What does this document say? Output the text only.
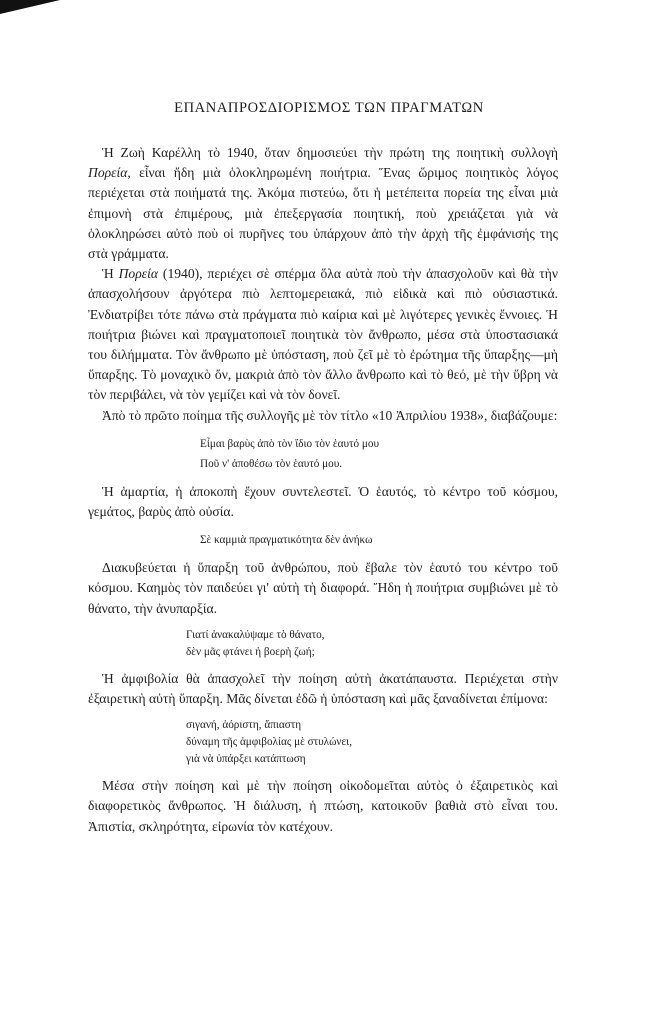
ΕΠΑΝΑΠΡΟΣΔΙΟΡΙΣΜΟΣ ΤΩΝ ΠΡΑΓΜΑΤΩΝ

Ἡ Ζωὴ Καρέλλη τὸ 1940, ὅταν δημοσιεύει τὴν πρώτη της ποιητικὴ συλλογὴ Πορεία, εἶναι ἤδη μιὰ ὁλοκληρωμένη ποιήτρια. Ἕνας ὥριμος ποιητικὸς λόγος περιέχεται στὰ ποιήματά της. Ἀκόμα πιστεύω, ὅτι ἡ μετέπειτα πορεία της εἶναι μιὰ ἐπιμονὴ στὰ ἐπιμέρους, μιὰ ἐπεξεργασία ποιητική, ποὺ χρειάζεται γιὰ νὰ ὁλοκληρώσει αὐτὸ ποὺ οἱ πυρῆνες του ὑπάρχουν ἀπὸ τὴν ἀρχὴ τῆς ἐμφάνισής της στὰ γράμματα.

Ἡ Πορεία (1940), περιέχει σὲ σπέρμα ὅλα αὐτὰ ποὺ τὴν ἀπασχολοῦν καὶ θὰ τὴν ἀπασχολήσουν ἀργότερα πιὸ λεπτομερειακά, πιὸ εἰδικὰ καὶ πιὸ οὐσιαστικά. Ἐνδιατρίβει τότε πάνω στὰ πράγματα πιὸ καίρια καὶ μὲ λιγότερες γενικὲς ἔννοιες. Ἡ ποιήτρια βιώνει καὶ πραγματοποιεῖ ποιητικὰ τὸν ἄνθρωπο, μέσα στὰ ὑποστασιακά του διλήμματα. Τὸν ἄνθρωπο μὲ ὑπόσταση, ποὺ ζεῖ μὲ τὸ ἐρώτημα τῆς ὕπαρξης—μὴ ὕπαρξης. Τὸ μοναχικὸ ὄν, μακριὰ ἀπὸ τὸν ἄλλο ἄνθρωπο καὶ τὸ θεό, μὲ τὴν ὕβρη νὰ τὸν περιβάλει, νὰ τὸν γεμίζει καὶ νὰ τὸν δονεῖ.

Ἀπὸ τὸ πρῶτο ποίημα τῆς συλλογῆς μὲ τὸν τίτλο «10 Ἀπριλίου 1938», διαβάζουμε:

Εἶμαι βαρὺς ἀπὸ τὸν ἴδιο τὸν ἑαυτό μου
Ποῦ ν' ἀποθέσω τὸν ἑαυτό μου.

Ἡ ἁμαρτία, ἡ ἀποκοπὴ ἔχουν συντελεστεῖ. Ὁ ἑαυτός, τὸ κέντρο τοῦ κόσμου, γεμάτος, βαρὺς ἀπὸ οὐσία.

Σὲ καμμιὰ πραγματικότητα δὲν ἀνήκω

Διακυβεύεται ἡ ὕπαρξη τοῦ ἀνθρώπου, ποὺ ἔβαλε τὸν ἑαυτό του κέντρο τοῦ κόσμου. Καημὸς τὸν παιδεύει γι' αὐτὴ τὴ διαφορά. Ἤδη ἡ ποιήτρια συμβιώνει μὲ τὸ θάνατο, τὴν ἀνυπαρξία.

Γιατί ἀνακαλύψαμε τὸ θάνατο,
δὲν μᾶς φτάνει ἡ βοερὴ ζωή;

Ἡ ἀμφιβολία θὰ ἀπασχολεῖ τὴν ποίηση αὐτὴ ἀκατάπαυστα. Περιέχεται στὴν ἐξαιρετικὴ αὐτὴ ὕπαρξη. Μᾶς δίνεται ἐδῶ ἡ ὑπόσταση καὶ μᾶς ξαναδίνεται ἐπίμονα:

σιγανή, ἀόριστη, ἄπιαστη
δύναμη τῆς ἀμφιβολίας μὲ στυλώνει,
γιὰ νὰ ὑπάρξει κατάπτωση

Μέσα στὴν ποίηση καὶ μὲ τὴν ποίηση οἰκοδομεῖται αὐτὸς ὁ ἐξαιρετικὸς καὶ διαφορετικὸς ἄνθρωπος. Ἡ διάλυση, ἡ πτώση, κατοικοῦν βαθιὰ στὸ εἶναι του. Ἀπιστία, σκληρότητα, εἰρωνία τὸν κατέχουν.
